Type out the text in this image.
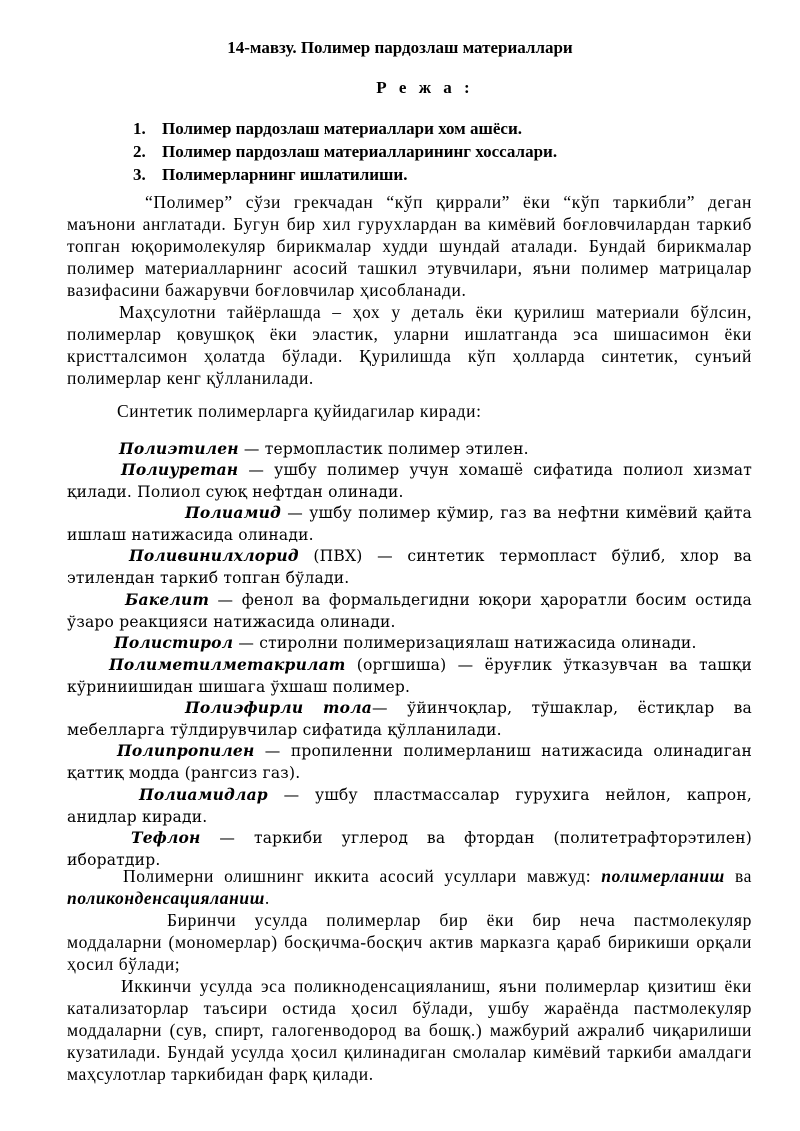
14-мавзу. Полимер пардозлаш материаллари
Р е ж а :
1. Полимер пардозлаш материаллари хом ашёси.
2. Полимер пардозлаш материалларининг хоссалари.
3. Полимерларнинг ишлатилиши.

“Полимер” сўзи грекчадан “кўп қиррали” ёки “кўп таркибли” деган маънони англатади. Бугун бир хил гурухлардан ва кимёвий боғловчилардан таркиб топган юқоримолекуляр бирикмалар худди шундай аталади. Бундай бирикмалар полимер материалларнинг асосий ташкил этувчилари, яъни полимер матрицалар вазифасини бажарувчи боғловчилар ҳисобланади.

Маҳсулотни тайёрлашда – ҳох у деталь ёки қурилиш материали бўлсин, полимерлар қовушқоқ ёки эластик, уларни ишлатганда эса шишасимон ёки кристталсимон ҳолатда бўлади. Қурилишда кўп ҳолларда синтетик, сунъий полимерлар кенг қўлланилади.

Синтетик полимерларга қуйидагилар киради:

Полиэтилен — термопластик полимер этилен.

Полиуретан — ушбу полимер учун хомашё сифатида полиол хизмат қилади. Полиол суюқ нефтдан олинади.

Полиамид — ушбу полимер кўмир, газ ва нефтни кимёвий қайта ишлаш натижасида олинади.

Поливинилхлорид (ПВХ) — синтетик термопласт бўлиб, хлор ва этилендан таркиб топган бўлади.

Бакелит — фенол ва формальдегидни юқори ҳароратли босим остида ўзаро реакцияси натижасида олинади.

Полистирол — стиролни полимеризациялаш натижасида олинади.

Полиметилметакрилат (оргшиша) — ёруғлик ўтказувчан ва ташқи кўриниишидан шишага ўхшаш полимер.

Полиэфирли тола— ўйинчоқлар, тўшаклар, ёстиқлар ва мебелларга тўлдирувчилар сифатида қўлланилади.

Полипропилен — пропиленни полимерланиш натижасида олинадиган қаттиқ модда (рангсиз газ).

Полиамидлар — ушбу пластмассалар гурухига нейлон, капрон, анидлар киради.

Тефлон — таркиби углерод ва фтордан (политетрафторэтилен) иборатдир.

Полимерни олишнинг иккита асосий усуллари мавжуд: полимерланиш ва поликонденсацияланиш.

Биринчи усулда полимерлар бир ёки бир неча пастмолекуляр моддаларни (мономерлар) босқичма-босқич актив марказга қараб бирикиши орқали ҳосил бўлади;

Иккинчи усулда эса поликнoденсацияланиш, яъни полимерлар қизитиш ёки катализаторлар таъсири остида ҳосил бўлади, ушбу жараёнда пастмолекуляр моддаларни (сув, спирт, галогенводород ва бошқ.) мажбурий ажралиб чиқарилиши кузатилади. Бундай усулда ҳосил қилинадиган смолалар кимёвий таркиби амалдаги маҳсулотлар таркибидан фарқ қилади.
